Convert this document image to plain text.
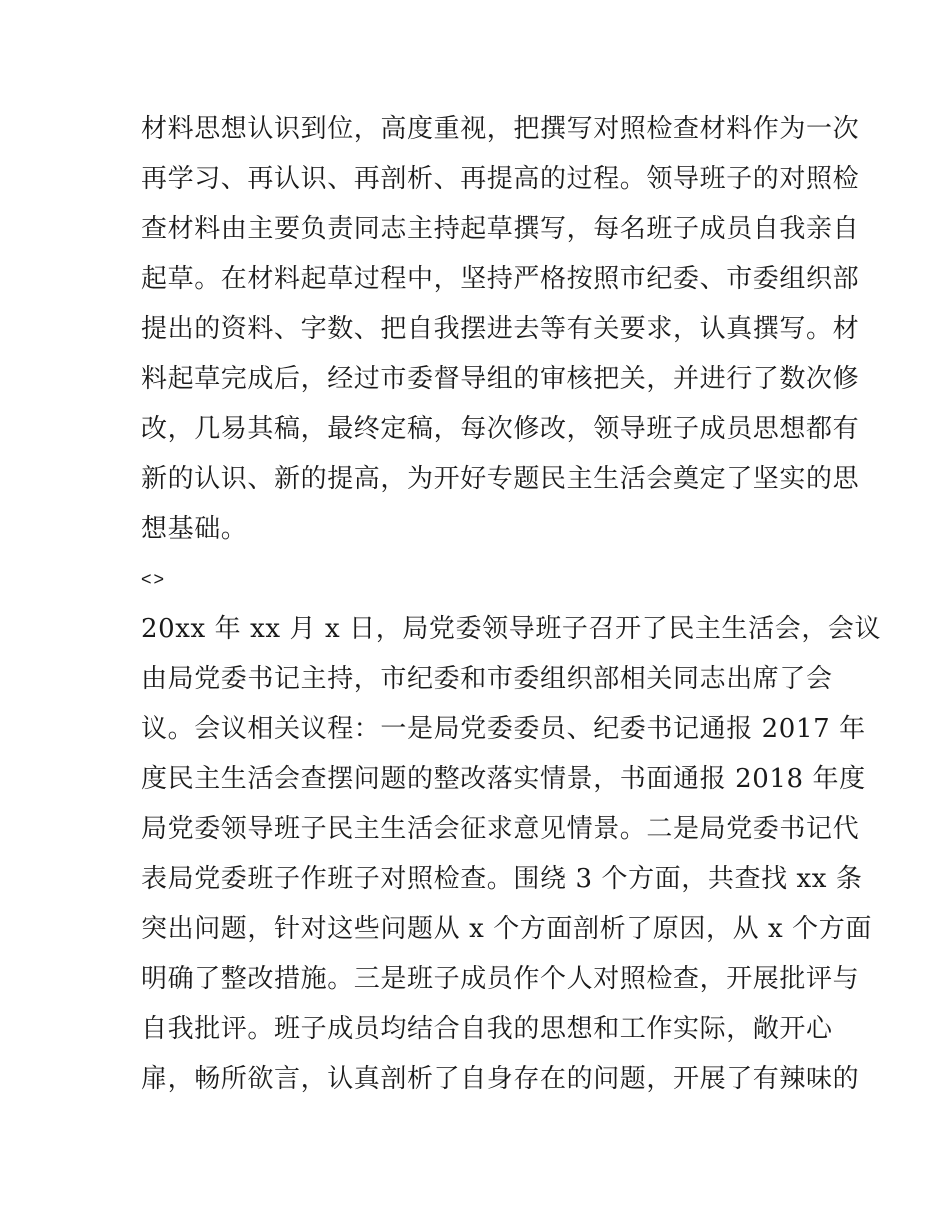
材料思想认识到位，高度重视，把撰写对照检查材料作为一次
再学习、再认识、再剖析、再提高的过程。领导班子的对照检
查材料由主要负责同志主持起草撰写，每名班子成员自我亲自
起草。在材料起草过程中，坚持严格按照市纪委、市委组织部
提出的资料、字数、把自我摆进去等有关要求，认真撰写。材
料起草完成后，经过市委督导组的审核把关，并进行了数次修
改，几易其稿，最终定稿，每次修改，领导班子成员思想都有
新的认识、新的提高，为开好专题民主生活会奠定了坚实的思
想基础。
<>
20xx 年 xx 月 x 日，局党委领导班子召开了民主生活会，会议
由局党委书记主持，市纪委和市委组织部相关同志出席了会
议。会议相关议程：一是局党委委员、纪委书记通报 2017 年
度民主生活会查摆问题的整改落实情景，书面通报 2018 年度
局党委领导班子民主生活会征求意见情景。二是局党委书记代
表局党委班子作班子对照检查。围绕 3 个方面，共查找 xx 条
突出问题，针对这些问题从 x 个方面剖析了原因，从 x 个方面
明确了整改措施。三是班子成员作个人对照检查，开展批评与
自我批评。班子成员均结合自我的思想和工作实际，敞开心
扉，畅所欲言，认真剖析了自身存在的问题，开展了有辣味的
